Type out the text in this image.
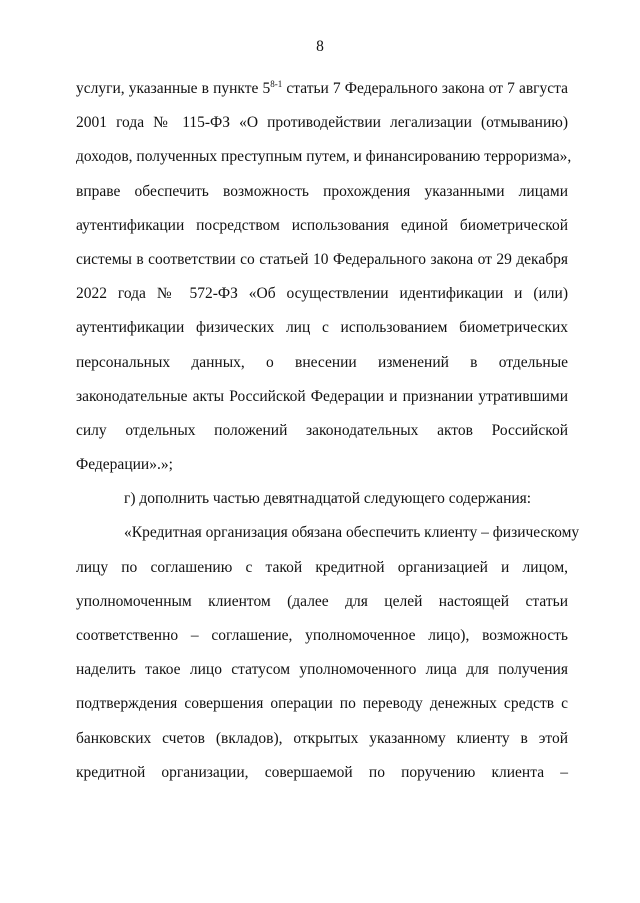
8
услуги, указанные в пункте 5$^{8-1}$ статьи 7 Федерального закона от 7 августа
2001 года № 115-ФЗ «О противодействии легализации (отмыванию)
доходов, полученных преступным путем, и финансированию терроризма»,
вправе обеспечить возможность прохождения указанными лицами
аутентификации посредством использования единой биометрической
системы в соответствии со статьей 10 Федерального закона от 29 декабря
2022 года № 572-ФЗ «Об осуществлении идентификации и (или)
аутентификации физических лиц с использованием биометрических
персональных данных, о внесении изменений в отдельные
законодательные акты Российской Федерации и признании утратившими
силу отдельных положений законодательных актов Российской
Федерации».»;
г) дополнить частью девятнадцатой следующего содержания:
«Кредитная организация обязана обеспечить клиенту – физическому
лицу по соглашению с такой кредитной организацией и лицом,
уполномоченным клиентом (далее для целей настоящей статьи
соответственно – соглашение, уполномоченное лицо), возможность
наделить такое лицо статусом уполномоченного лица для получения
подтверждения совершения операции по переводу денежных средств с
банковских счетов (вкладов), открытых указанному клиенту в этой
кредитной организации, совершаемой по поручению клиента –
